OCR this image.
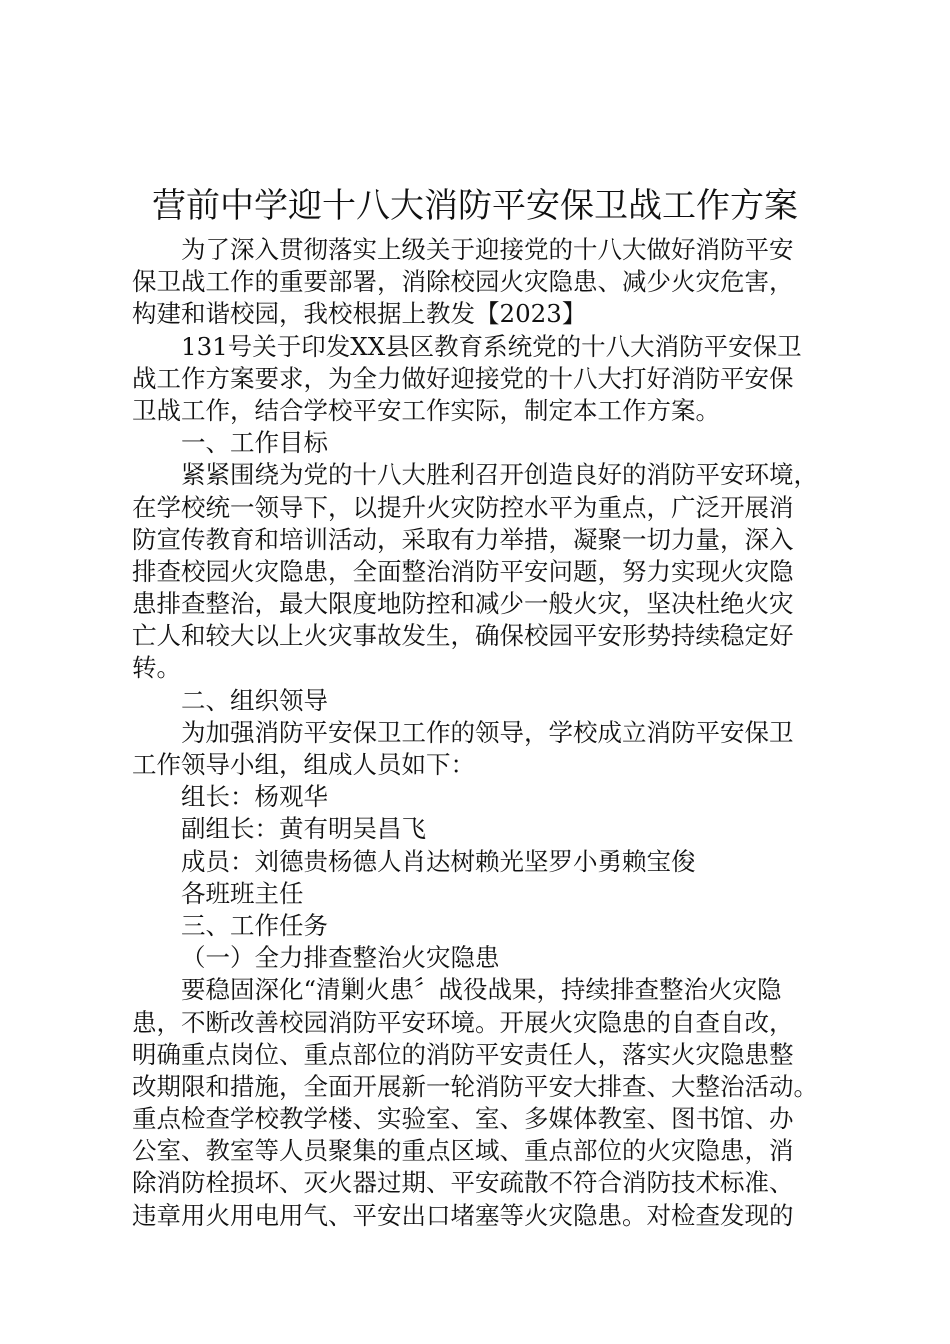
营前中学迎十八大消防平安保卫战工作方案

为了深入贯彻落实上级关于迎接党的十八大做好消防平安

保卫战工作的重要部署，消除校园火灾隐患、减少火灾危害，

构建和谐校园，我校根据上教发【2023】

131号关于印发XX县区教育系统党的十八大消防平安保卫

战工作方案要求，为全力做好迎接党的十八大打好消防平安保

卫战工作，结合学校平安工作实际，制定本工作方案。

一、工作目标

紧紧围绕为党的十八大胜利召开创造良好的消防平安环境，

在学校统一领导下，以提升火灾防控水平为重点，广泛开展消

防宣传教育和培训活动，采取有力举措，凝聚一切力量，深入

排查校园火灾隐患，全面整治消防平安问题，努力实现火灾隐

患排查整治，最大限度地防控和减少一般火灾，坚决杜绝火灾

亡人和较大以上火灾事故发生，确保校园平安形势持续稳定好

转。

二、组织领导

为加强消防平安保卫工作的领导，学校成立消防平安保卫

工作领导小组，组成人员如下：

组长：杨观华

副组长：黄有明吴昌飞

成员：刘德贵杨德人肖达树赖光坚罗小勇赖宝俊

各班班主任

三、工作任务

（一）全力排查整治火灾隐患

要稳固深化“清剿火患〞战役战果，持续排查整治火灾隐

患，不断改善校园消防平安环境。开展火灾隐患的自查自改，

明确重点岗位、重点部位的消防平安责任人，落实火灾隐患整

改期限和措施，全面开展新一轮消防平安大排查、大整治活动。

重点检查学校教学楼、实验室、室、多媒体教室、图书馆、办

公室、教室等人员聚集的重点区域、重点部位的火灾隐患，消

除消防栓损坏、灭火器过期、平安疏散不符合消防技术标准、

违章用火用电用气、平安出口堵塞等火灾隐患。对检查发现的
